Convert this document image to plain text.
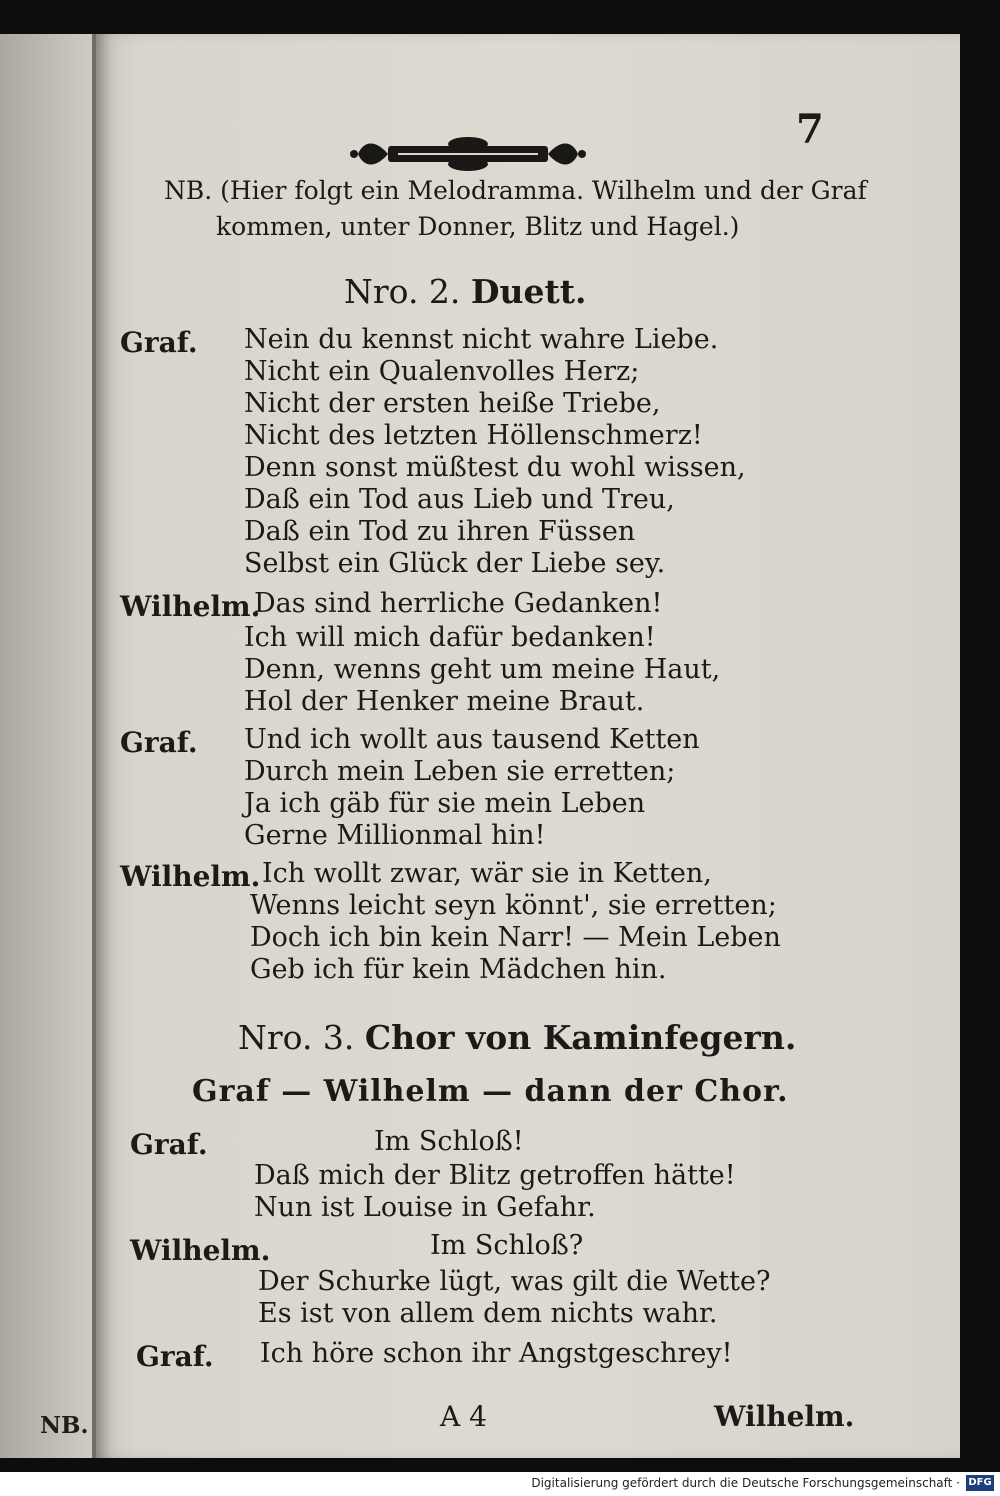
NB.
7
NB. (Hier folgt ein Melodramma. Wilhelm und der Graf
kommen, unter Donner, Blitz und Hagel.)
Nro. 2. Duett.
Graf. Nein du kennst nicht wahre Liebe.
Nicht ein Qualenvolles Herz;
Nicht der ersten heiße Triebe,
Nicht des letzten Höllenschmerz!
Denn sonst müßtest du wohl wissen,
Daß ein Tod aus Lieb und Treu,
Daß ein Tod zu ihren Füssen
Selbst ein Glück der Liebe sey.
Wilhelm.
Das sind herrliche Gedanken!
Ich will mich dafür bedanken!
Denn, wenns geht um meine Haut,
Hol der Henker meine Braut.
Graf. Und ich wollt aus tausend Ketten
Durch mein Leben sie erretten;
Ja ich gäb für sie mein Leben
Gerne Millionmal hin!
Wilhelm. Ich wollt zwar, wär sie in Ketten,
Wenns leicht seyn könnt', sie erretten;
Doch ich bin kein Narr! — Mein Leben
Geb ich für kein Mädchen hin.
Nro. 3. Chor von Kaminfegern.
Graf — Wilhelm — dann der Chor.
Graf.	Im Schloß!
Daß mich der Blitz getroffen hätte!
Nun ist Louise in Gefahr.
Wilhelm.	Im Schloß?
Der Schurke lügt, was gilt die Wette?
Es ist von allem dem nichts wahr.
Graf. Ich höre schon ihr Angstgeschrey!
A 4	Wilhelm.
Digitalisierung gefördert durch die Deutsche Forschungsgemeinschaft · DFG
